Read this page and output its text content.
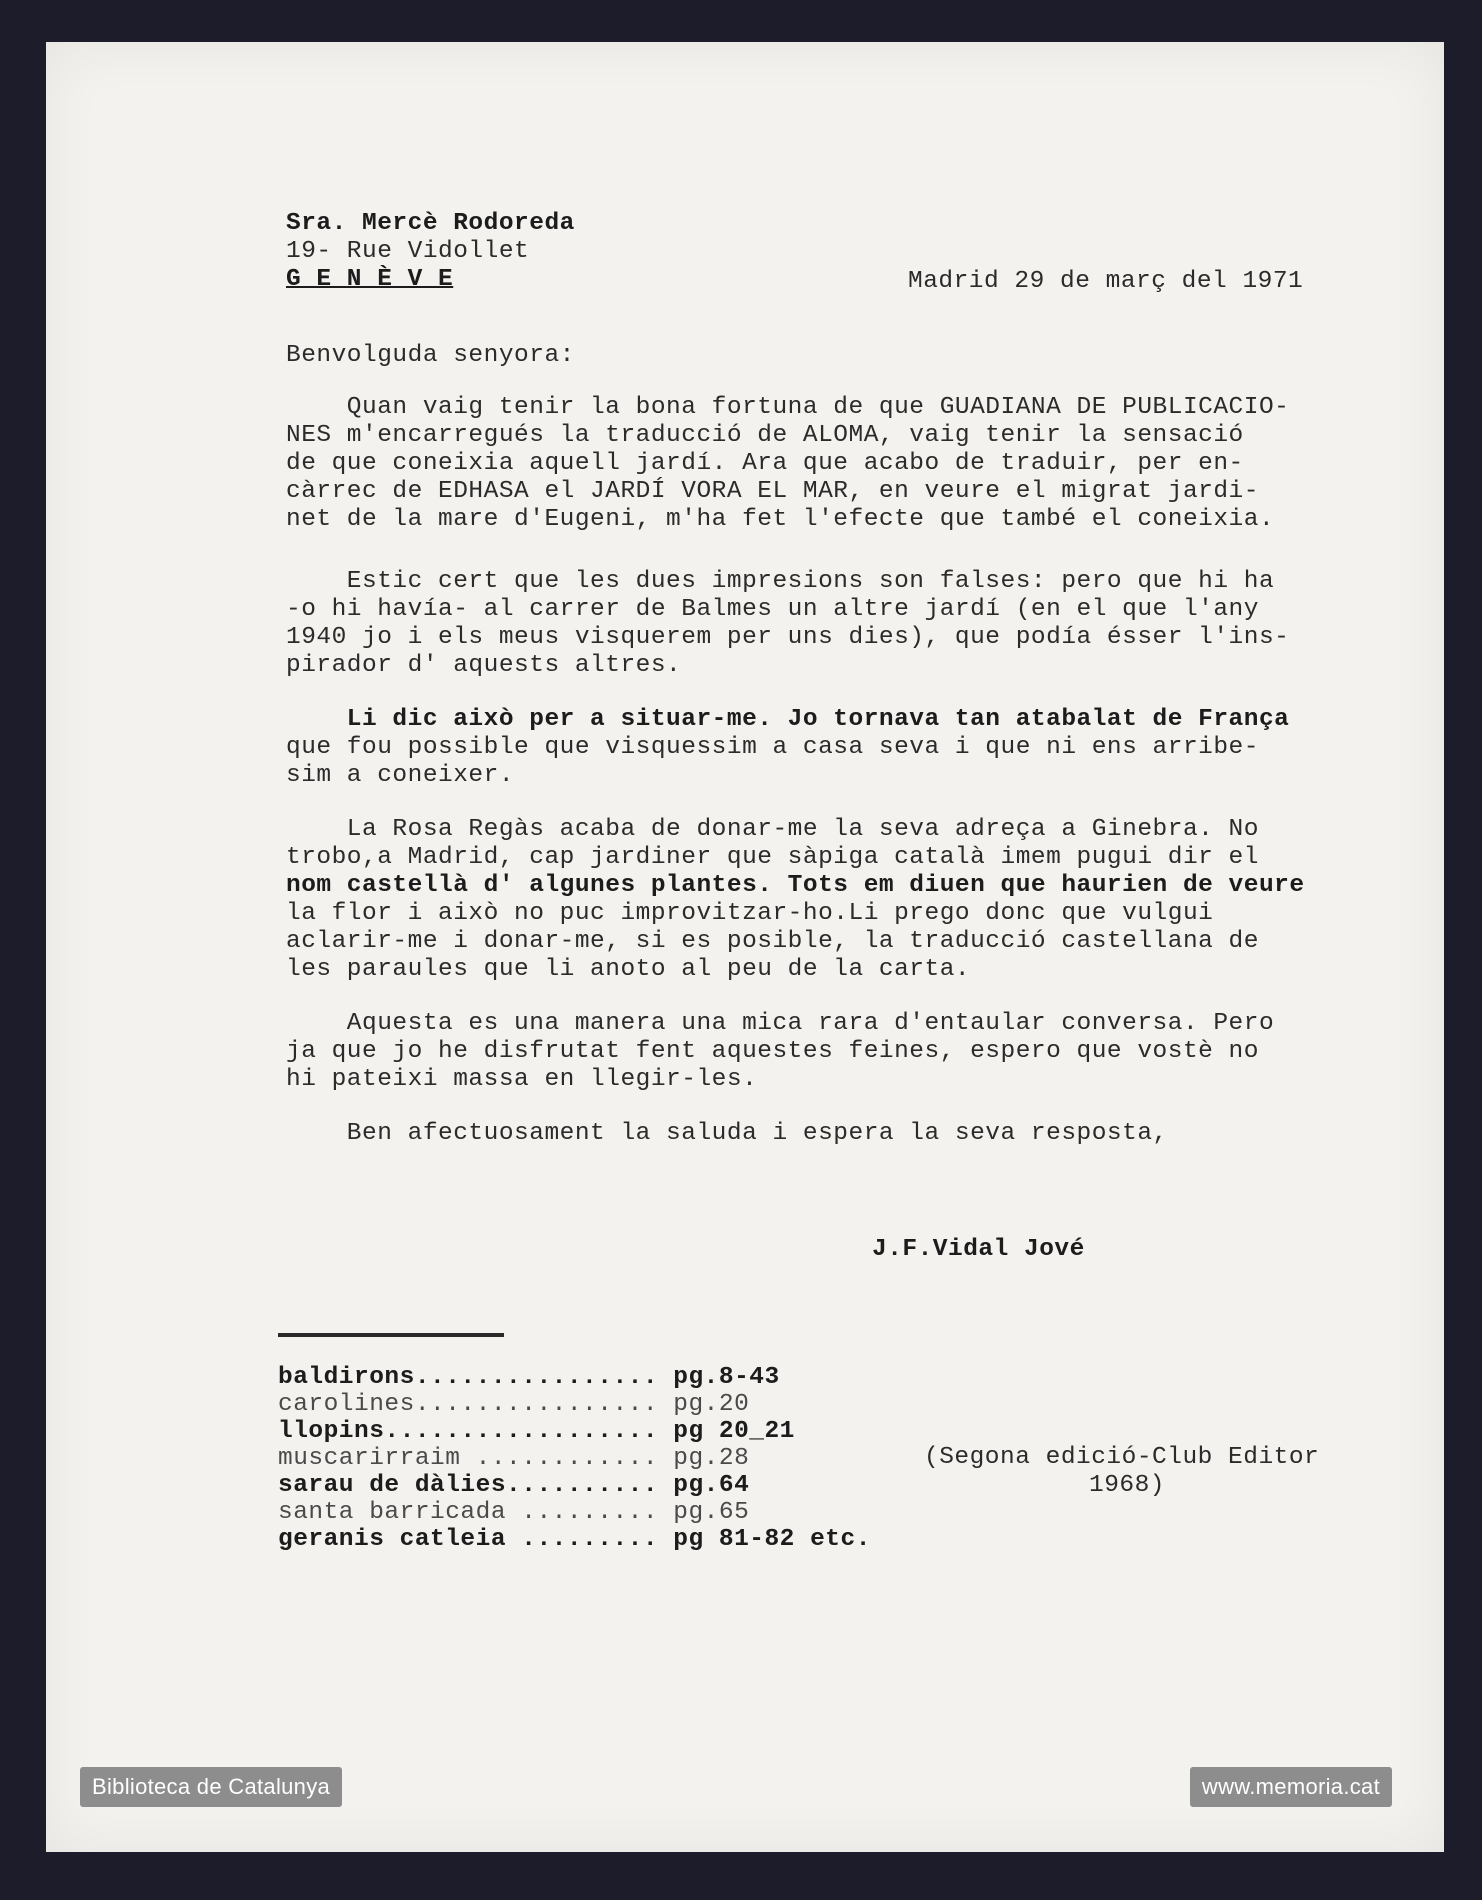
Sra. Mercè Rodoreda
19- Rue Vidollet
G E N È V E	Madrid 29 de març del 1971
Benvolguda senyora:
Quan vaig tenir la bona fortuna de que GUADIANA DE PUBLICACIO-
NES m'encarregués la traducció de ALOMA, vaig tenir la sensació
de que coneixia aquell jardí. Ara que acabo de traduir, per en-
càrrec de EDHASA el JARDÍ VORA EL MAR, en veure el migrat jardi-
net de la mare d'Eugeni, m'ha fet l'efecte que també el coneixia.
Estic cert que les dues impresions son falses: pero que hi ha
-o hi havía- al carrer de Balmes un altre jardí (en el que l'any
1940 jo i els meus visquerem per uns dies), que podía ésser l'ins-
pirador d' aquests altres.
Li dic això per a situar-me. Jo tornava tan atabalat de França
que fou possible que visquessim a casa seva i que ni ens arribe-
sim a coneixer.
La Rosa Regàs acaba de donar-me la seva adreça a Ginebra. No
trobo,a Madrid, cap jardiner que sàpiga català imem pugui dir el
nom castellà d' algunes plantes. Tots em diuen que haurien de veure
la flor i això no puc improvitzar-ho.Li prego donc que vulgui
aclarir-me i donar-me, si es posible, la traducció castellana de
les paraules que li anoto al peu de la carta.
Aquesta es una manera una mica rara d'entaular conversa. Pero
ja que jo he disfrutat fent aquestes feines, espero que vostè no
hi pateixi massa en llegir-les.
Ben afectuosament la saluda i espera la seva resposta,
J.F.Vidal Jové
baldirons................ pg.8-43
carolines................ pg.20
llopins.................. pg 20_21
muscarirraim ............ pg.28
sarau de dàlies.......... pg.64
santa barricada ......... pg.65
geranis catleia ......... pg 81-82 etc.
(Segona edició-Club Editor
1968)
Biblioteca de Catalunya	www.memoria.cat
